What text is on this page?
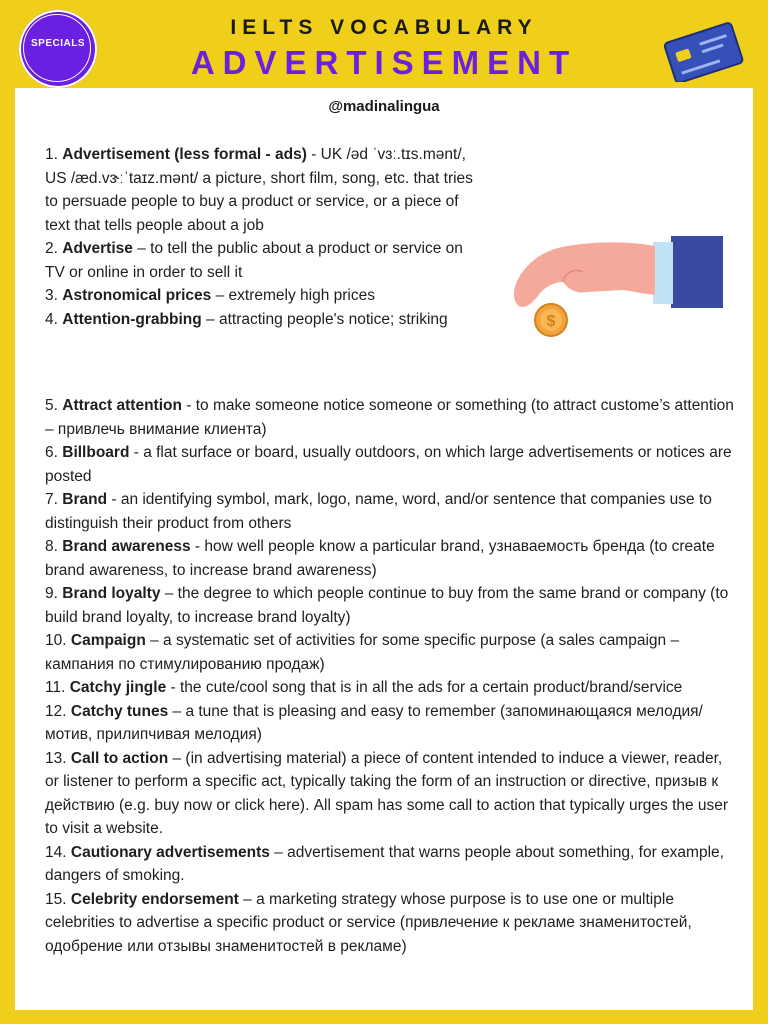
SPECIALS
IELTS VOCABULARY
ADVERTISEMENT
@madinalingua

1. Advertisement (less formal - ads) - UK /əd ˈvɜː.tɪs.mənt/, US /æd.vɝːˈtaɪz.mənt/ a picture, short film, song, etc. that tries to persuade people to buy a product or service, or a piece of text that tells people about a job

2. Advertise – to tell the public about a product or service on TV or online in order to sell it

3. Astronomical prices – extremely high prices

4. Attention-grabbing – attracting people's notice; striking	$

5. Attract attention - to make someone notice someone or something (to attract custome’s attention – привлечь внимание клиента)

6. Billboard - a flat surface or board, usually outdoors, on which large advertisements or notices are posted

7. Brand - an identifying symbol, mark, logo, name, word, and/or sentence that companies use to distinguish their product from others

8. Brand awareness - how well people know a particular brand, узнаваемость бренда (to create brand awareness, to increase brand awareness)

9. Brand loyalty – the degree to which people continue to buy from the same brand or company (to build brand loyalty, to increase brand loyalty)

10. Campaign – a systematic set of activities for some specific purpose (a sales campaign – кампания по стимулированию продаж)

11. Catchy jingle - the cute/cool song that is in all the ads for a certain product/brand/service

12. Catchy tunes – a tune that is pleasing and easy to remember (запоминающаяся мелодия/мотив, прилипчивая мелодия)

13. Call to action – (in advertising material) a piece of content intended to induce a viewer, reader, or listener to perform a specific act, typically taking the form of an instruction or directive, призыв к действию (e.g. buy now or click here). All spam has some call to action that typically urges the user to visit a website.

14. Cautionary advertisements – advertisement that warns people about something, for example, dangers of smoking.

15. Celebrity endorsement – a marketing strategy whose purpose is to use one or multiple celebrities to advertise a specific product or service (привлечение к рекламе знаменитостей, одобрение или отзывы знаменитостей в рекламе)
